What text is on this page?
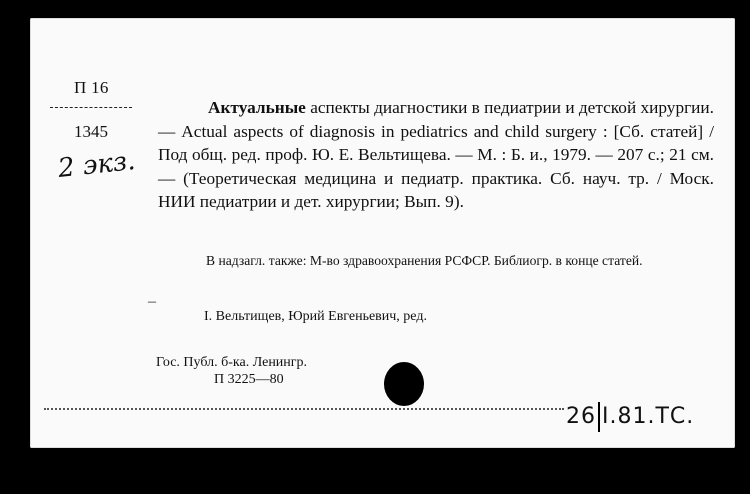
П 16
1345
2 экз.
Актуальные аспекты диагностики в педиатрии и детской хирургии. — Actual aspects of diagnosis in pediatrics and child surgery : [Сб. статей] / Под общ. ред. проф. Ю. Е. Вельтищева. — М. : Б. и., 1979. — 207 с.; 21 см. — (Теоретическая медицина и педиатр. практика. Сб. науч. тр. / Моск. НИИ педиатрии и дет. хирургии; Вып. 9).
В надзагл. также: М-во здравоохранения РСФСР. Библиогр. в конце статей.
–
I. Вельтищев, Юрий Евгеньевич, ред.
Гос. Публ. б-ка. Ленингр.
П 3225—80
26 I.81.ТС.
